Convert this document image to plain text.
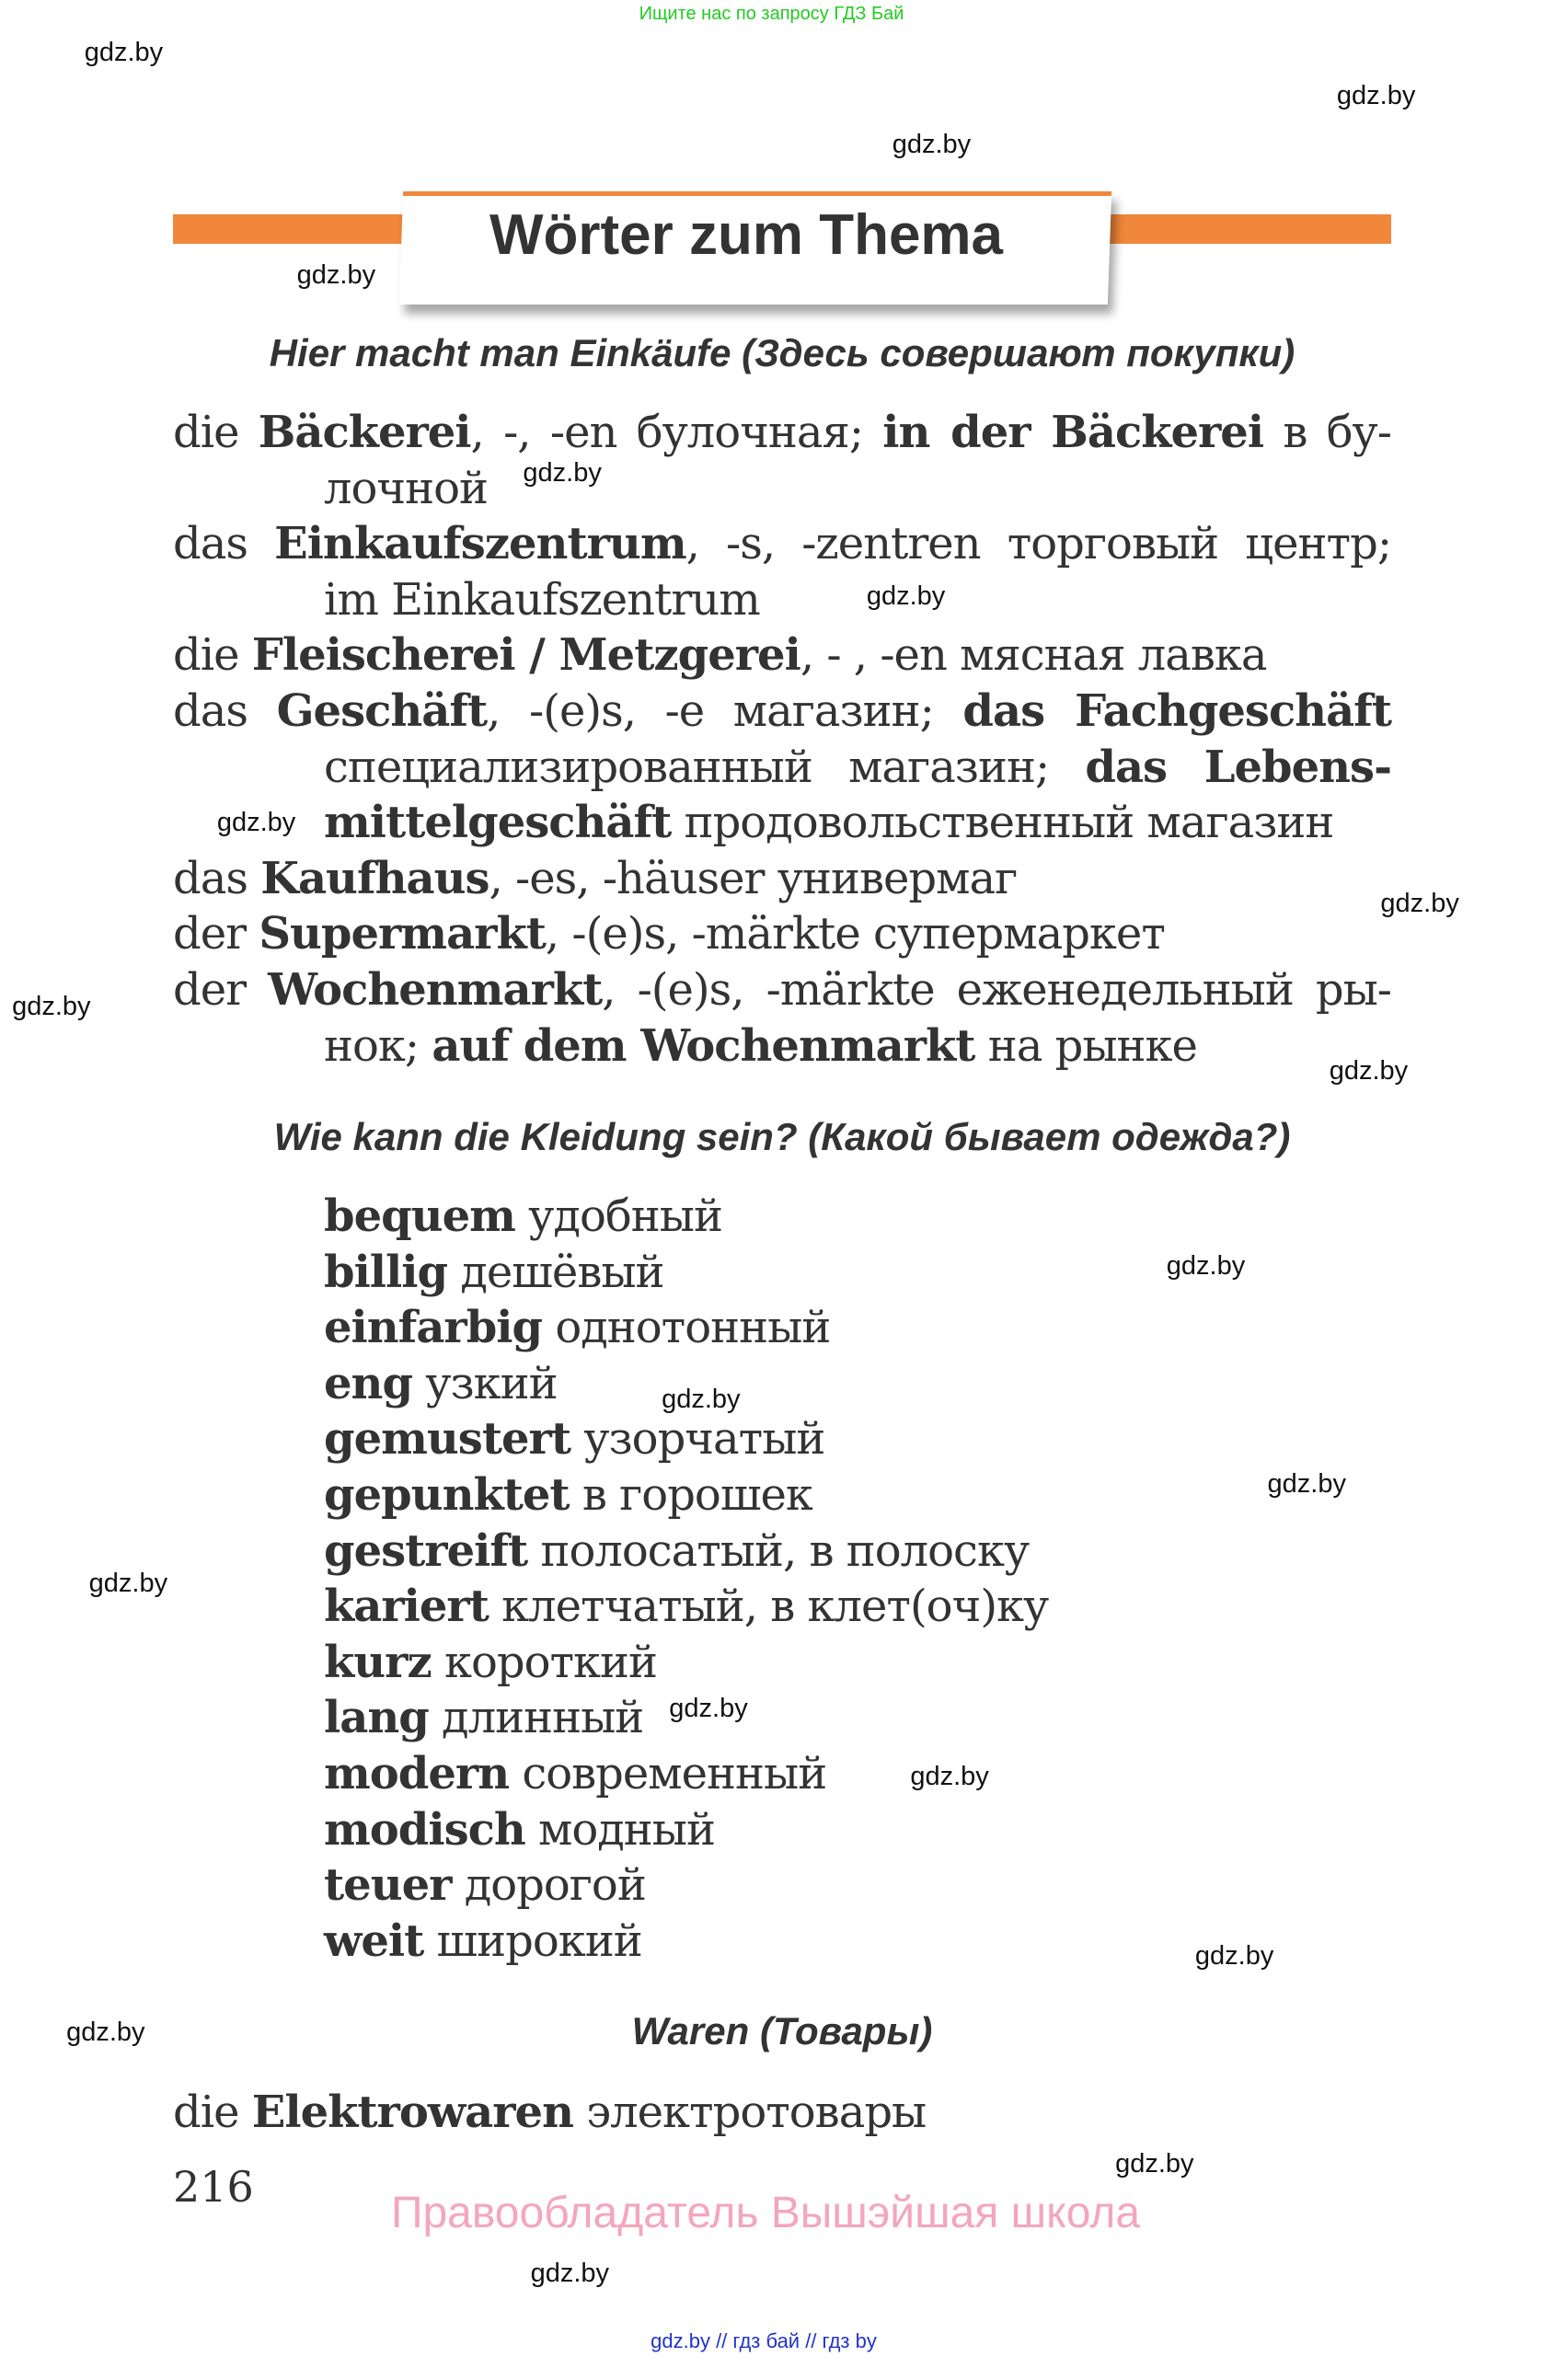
Ищите нас по запросу ГДЗ Бай
Wörter zum Thema
Hier macht man Einkäufe (Здесь совершают покупки)
die Bäckerei, -, -en булочная; in der Bäckerei в бу-
лочной
das Einkaufszentrum, -s, -zentren торговый центр;
im Einkaufszentrum
die Fleischerei / Metzgerei, - , -en мясная лавка
das Geschäft, -(e)s, -e магазин; das Fachgeschäft
специализированный магазин; das Lebens-
mittelgeschäft продовольственный магазин
das Kaufhaus, -es, -häuser универмаг
der Supermarkt, -(e)s, -märkte супермаркет
der Wochenmarkt, -(e)s, -märkte еженедельный ры-
нок; auf dem Wochenmarkt на рынке
Wie kann die Kleidung sein? (Какой бывает одежда?)
bequem удобный
billig дешёвый
einfarbig однотонный
eng узкий
gemustert узорчатый
gepunktet в горошек
gestreift полосатый, в полоску
kariert клетчатый, в клет(оч)ку
kurz короткий
lang длинный
modern современный
modisch модный
teuer дорогой
weit широкий
Waren (Товары)
die Elektrowaren электротовары
216
Правообладатель Вышэйшая школа
gdz.by // гдз бай // гдз by
gdz.by
gdz.by
gdz.by
gdz.by
gdz.by
gdz.by
gdz.by
gdz.by
gdz.by
gdz.by
gdz.by
gdz.by
gdz.by
gdz.by
gdz.by
gdz.by
gdz.by
gdz.by
gdz.by
gdz.by
